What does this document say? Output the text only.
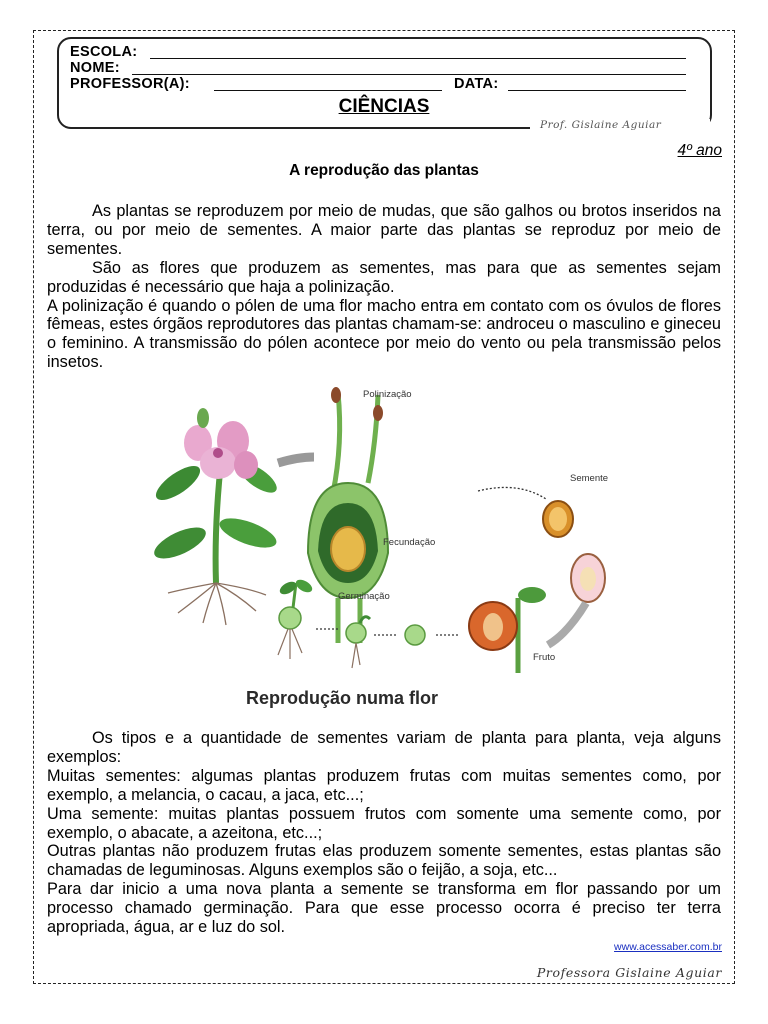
ESCOLA:
NOME:
PROFESSOR(A):	DATA:
CIÊNCIAS
Prof. Gislaine Aguiar
4º ano
A reprodução das plantas

As plantas se reproduzem por meio de mudas, que são galhos ou brotos inseridos na terra, ou por meio de sementes. A maior parte das plantas se reproduz por meio de sementes.

São as flores que produzem as sementes, mas para que as sementes sejam produzidas é necessário que haja a polinização.

A polinização é quando o pólen de uma flor macho entra em contato com os óvulos de flores fêmeas, estes órgãos reprodutores das plantas chamam-se: androceu o masculino e gineceu o feminino. A transmissão do pólen acontece por meio do vento ou pela transmissão pelos insetos.

Polinização
Fecundação
Semente
Fruto
Germinação
Reprodução numa flor

Os tipos e a quantidade de sementes variam de planta para planta, veja alguns exemplos:

Muitas sementes: algumas plantas produzem frutas com muitas sementes como, por exemplo, a melancia, o cacau, a jaca, etc...;

Uma semente: muitas plantas possuem frutos com somente uma semente como, por exemplo, o abacate, a azeitona, etc...;

Outras plantas não produzem frutas elas produzem somente sementes, estas plantas são chamadas de leguminosas. Alguns exemplos são o feijão, a soja, etc...

Para dar inicio a uma nova planta a semente se transforma em flor passando por um processo chamado germinação. Para que esse processo ocorra é preciso ter terra apropriada, água, ar e luz do sol.

www.acessaber.com.br
Professora Gislaine Aguiar
